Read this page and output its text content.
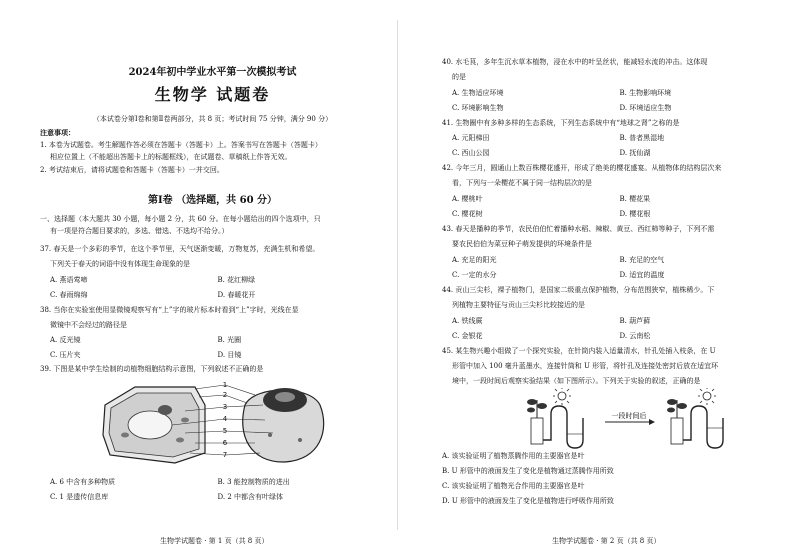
2024年初中学业水平第一次模拟考试
生物学 试题卷
（本试卷分第Ⅰ卷和第Ⅱ卷两部分，共 8 页；考试时间 75 分钟，满分 90 分）
注意事项：
1. 本卷为试题卷。考生解题作答必须在答题卡（答题卡）上。答案书写在答题卡（答题卡）
相应位置上（不能超出答题卡上的标题框线），在试题卷、草稿纸上作答无效。
2. 考试结束后，请将试题卷和答题卡（答题卡）一并交回。
第Ⅰ卷 （选择题，共 60 分）
一、选择题（本大题共 30 小题，每小题 2 分，共 60 分。在每小题给出的四个选项中，只
有一项是符合题目要求的，多选、错选、不选均不给分。）
37. 春天是一个多彩的季节，在这个季节里，天气逐渐变暖，万物复苏，充满生机和希望。
下列关于春天的词语中没有体现生命现象的是
A. 燕语莺啼	B. 花红柳绿
C. 春雨绵绵	D. 春暖花开
38. 当你在实验室使用显微镜观察写有“上”字的玻片标本时看到“上”字时，光线在显
微镜中不会经过的路径是
A. 反光镜	B. 光圈
C. 压片夹	D. 目镜
39. 下图是某中学生绘制的动植物细胞结构示意图，下列叙述不正确的是
1
2
3
4
5
6
7
A. 6 中含有多种物质	B. 3 能控制物质的进出
C. 1 是遗传信息库	D. 2 中都含有叶绿体
生物学试题卷 · 第 1 页（共 8 页）
40. 水毛茛，多年生沉水草本植物，浸在水中的叶呈丝状，能减轻水流的冲击。这体现
的是
A. 生物适应环境	B. 生物影响环境
C. 环境影响生物	D. 环境适应生物
41. 生物圈中有多种多样的生态系统，下列生态系统中有“地球之肾”之称的是
A. 元阳梯田	B. 普者黑湿地
C. 西山公园	D. 抚仙湖
42. 今年三月，圆通山上数百株樱花盛开，形成了绝美的樱花盛宴。从植物体的结构层次来
看，下列与一朵樱花不属于同一结构层次的是
A. 樱桃叶	B. 樱花果
C. 樱花树	D. 樱花根
43. 春天是播种的季节，农民伯伯忙着播种水稻、辣椒、黄豆、西红柿等种子，下列不需
要农民伯伯为菜豆种子萌发提供的环境条件是
A. 充足的阳光	B. 充足的空气
C. 一定的水分	D. 适宜的温度
44. 贡山三尖杉，裸子植物门，是国家二级重点保护植物，分布范围狭窄，植株稀少。下
列植物主要特征与贡山三尖杉比较接近的是
A. 铁线蕨	B. 葫芦藓
C. 金银花	D. 云南松
45. 某生物兴趣小组做了一个探究实验，在针筒内装入适量清水，针孔处插入枝条，在 U
形管中加入 100 毫升蓝墨水，连接针筒和 U 形管，将针孔及连接处密封后放在适宜环
境中，一段时间后观察实验结果（如下图所示）。下列关于实验的叙述，正确的是
一段时间后
A. 该实验证明了植物蒸腾作用的主要器官是叶
B. U 形管中的液面发生了变化是植物通过蒸腾作用所致
C. 该实验证明了植物光合作用的主要器官是叶
D. U 形管中的液面发生了变化是植物进行呼吸作用所致
生物学试题卷 · 第 2 页（共 8 页）
